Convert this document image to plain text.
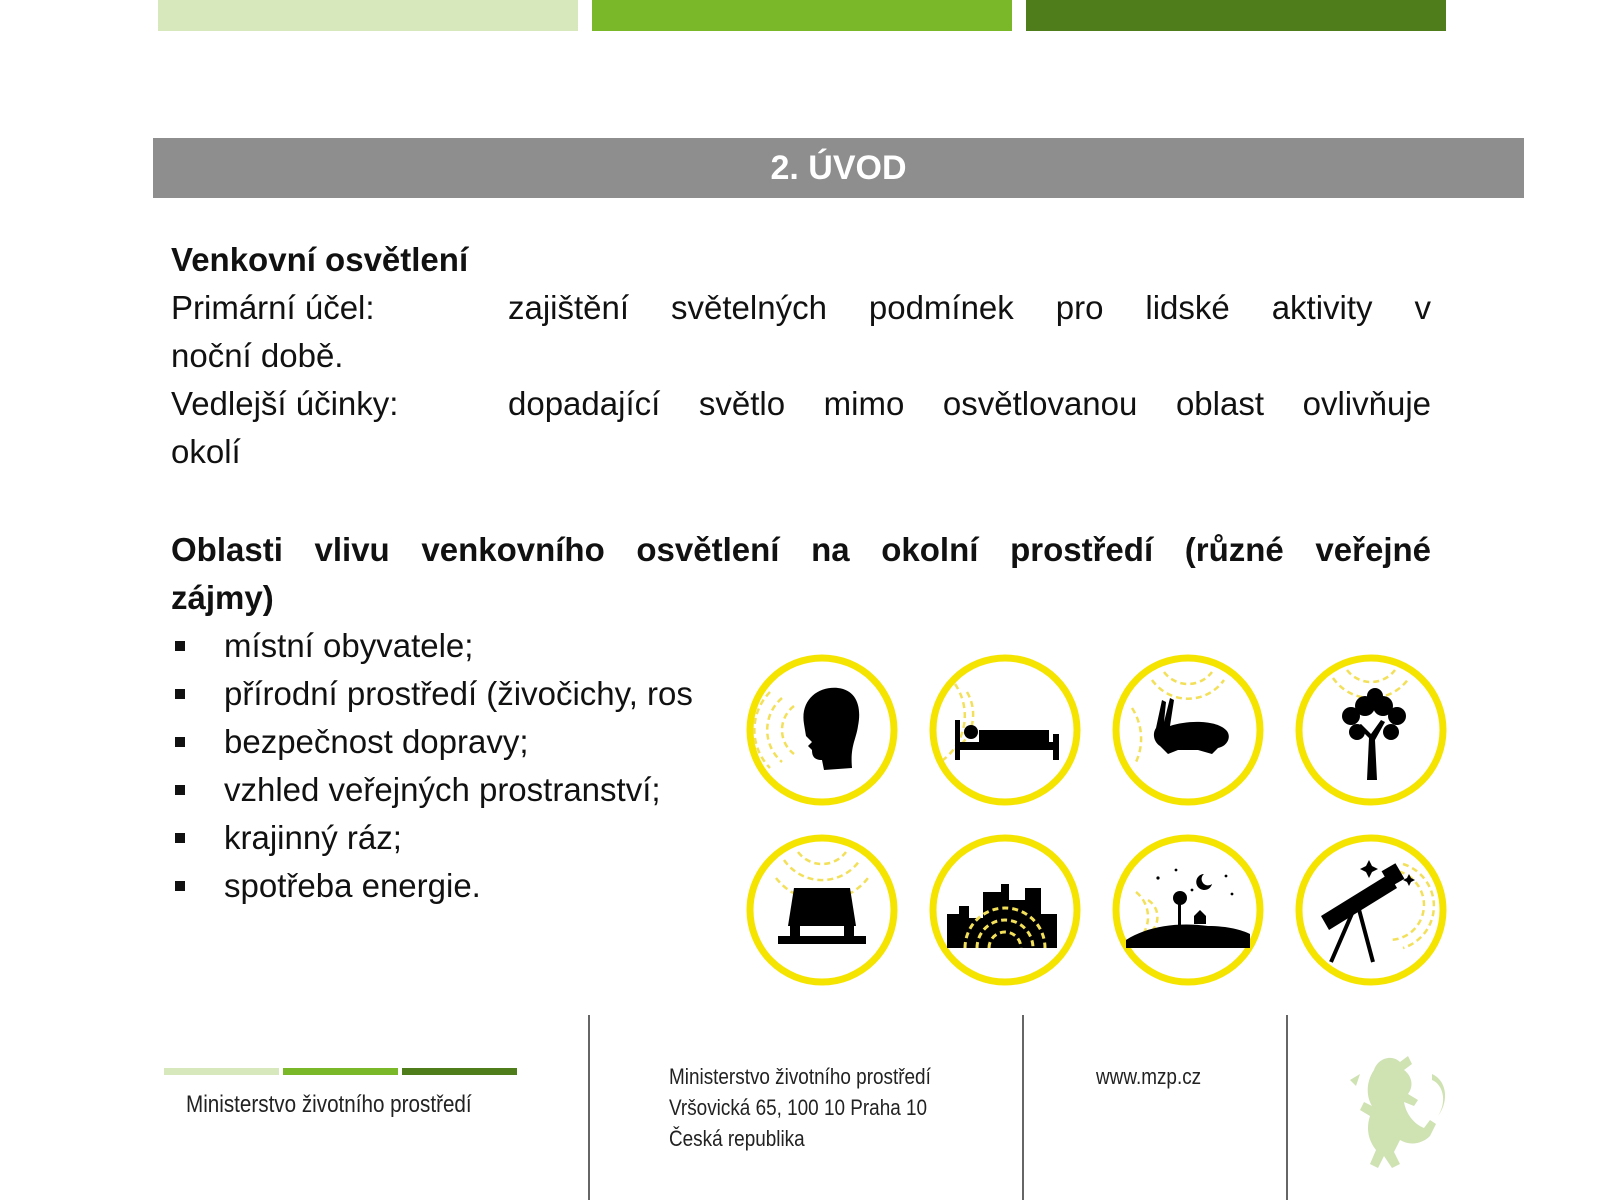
2. ÚVOD
Venkovní osvětlení
Primární účel:	zajištění světelných podmínek pro lidské aktivity v
noční době.
Vedlejší účinky:	dopadající světlo mimo osvětlovanou oblast ovlivňuje
okolí
Oblasti vlivu venkovního osvětlení na okolní prostředí (různé veřejné
zájmy)
místní obyvatele;
přírodní prostředí (živočichy, ros
bezpečnost dopravy;
vzhled veřejných prostranství;
krajinný ráz;
spotřeba energie.
Ministerstvo životního prostředí
Ministerstvo životního prostředí
Vršovická 65, 100 10 Praha 10
Česká republika
www.mzp.cz
